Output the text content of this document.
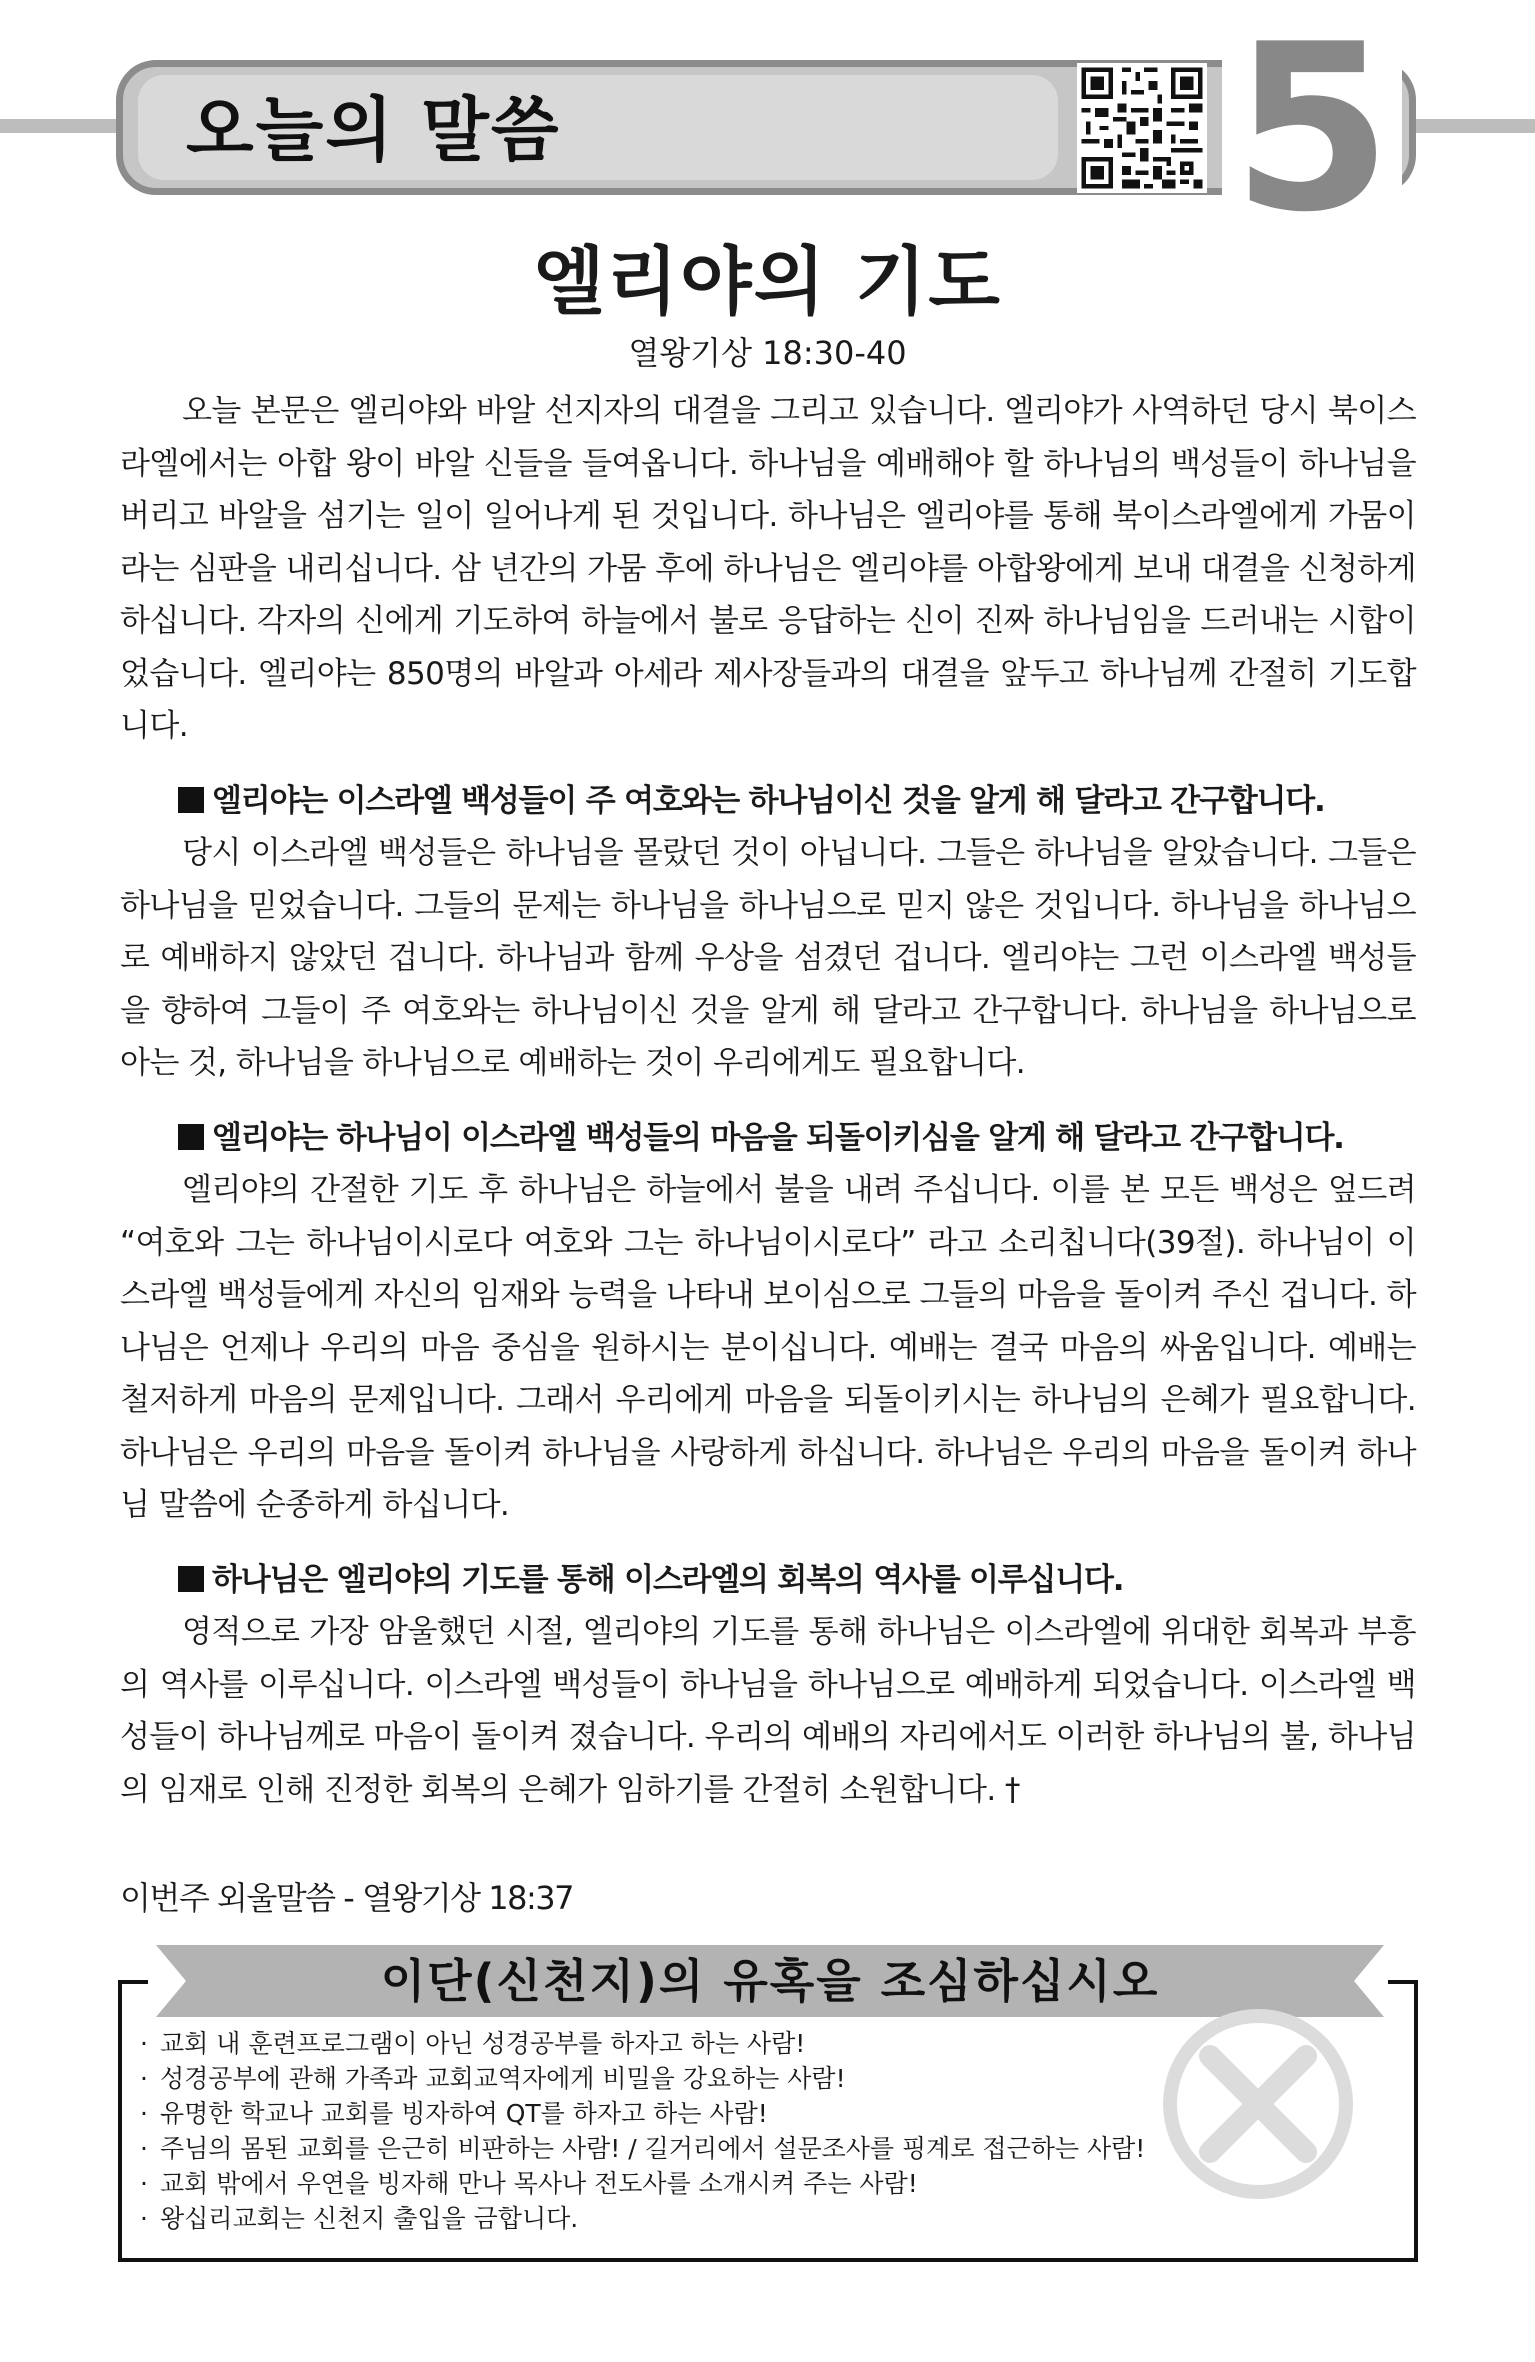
오늘의 말씀	5
엘리야의 기도
열왕기상 18:30-40

오늘 본문은 엘리야와 바알 선지자의 대결을 그리고 있습니다. 엘리야가 사역하던 당시 북이스라엘에서는 아합 왕이 바알 신들을 들여옵니다. 하나님을 예배해야 할 하나님의 백성들이 하나님을 버리고 바알을 섬기는 일이 일어나게 된 것입니다. 하나님은 엘리야를 통해 북이스라엘에게 가뭄이라는 심판을 내리십니다. 삼 년간의 가뭄 후에 하나님은 엘리야를 아합왕에게 보내 대결을 신청하게 하십니다. 각자의 신에게 기도하여 하늘에서 불로 응답하는 신이 진짜 하나님임을 드러내는 시합이었습니다. 엘리야는 850명의 바알과 아세라 제사장들과의 대결을 앞두고 하나님께 간절히 기도합니다.

엘리야는 이스라엘 백성들이 주 여호와는 하나님이신 것을 알게 해 달라고 간구합니다.

당시 이스라엘 백성들은 하나님을 몰랐던 것이 아닙니다. 그들은 하나님을 알았습니다. 그들은 하나님을 믿었습니다. 그들의 문제는 하나님을 하나님으로 믿지 않은 것입니다. 하나님을 하나님으로 예배하지 않았던 겁니다. 하나님과 함께 우상을 섬겼던 겁니다. 엘리야는 그런 이스라엘 백성들을 향하여 그들이 주 여호와는 하나님이신 것을 알게 해 달라고 간구합니다. 하나님을 하나님으로 아는 것, 하나님을 하나님으로 예배하는 것이 우리에게도 필요합니다.

엘리야는 하나님이 이스라엘 백성들의 마음을 되돌이키심을 알게 해 달라고 간구합니다.

엘리야의 간절한 기도 후 하나님은 하늘에서 불을 내려 주십니다. 이를 본 모든 백성은 엎드려 “여호와 그는 하나님이시로다 여호와 그는 하나님이시로다” 라고 소리칩니다(39절). 하나님이 이스라엘 백성들에게 자신의 임재와 능력을 나타내 보이심으로 그들의 마음을 돌이켜 주신 겁니다. 하나님은 언제나 우리의 마음 중심을 원하시는 분이십니다. 예배는 결국 마음의 싸움입니다. 예배는 철저하게 마음의 문제입니다. 그래서 우리에게 마음을 되돌이키시는 하나님의 은혜가 필요합니다. 하나님은 우리의 마음을 돌이켜 하나님을 사랑하게 하십니다. 하나님은 우리의 마음을 돌이켜 하나님 말씀에 순종하게 하십니다.

하나님은 엘리야의 기도를 통해 이스라엘의 회복의 역사를 이루십니다.

영적으로 가장 암울했던 시절, 엘리야의 기도를 통해 하나님은 이스라엘에 위대한 회복과 부흥의 역사를 이루십니다. 이스라엘 백성들이 하나님을 하나님으로 예배하게 되었습니다. 이스라엘 백성들이 하나님께로 마음이 돌이켜 졌습니다. 우리의 예배의 자리에서도 이러한 하나님의 불, 하나님의 임재로 인해 진정한 회복의 은혜가 임하기를 간절히 소원합니다. †

이번주 외울말씀 - 열왕기상 18:37
이단(신천지)의 유혹을 조심하십시오
· 교회 내 훈련프로그램이 아닌 성경공부를 하자고 하는 사람!
· 성경공부에 관해 가족과 교회교역자에게 비밀을 강요하는 사람!
· 유명한 학교나 교회를 빙자하여 QT를 하자고 하는 사람!
· 주님의 몸된 교회를 은근히 비판하는 사람! / 길거리에서 설문조사를 핑계로 접근하는 사람!
· 교회 밖에서 우연을 빙자해 만나 목사나 전도사를 소개시켜 주는 사람!
· 왕십리교회는 신천지 출입을 금합니다.
